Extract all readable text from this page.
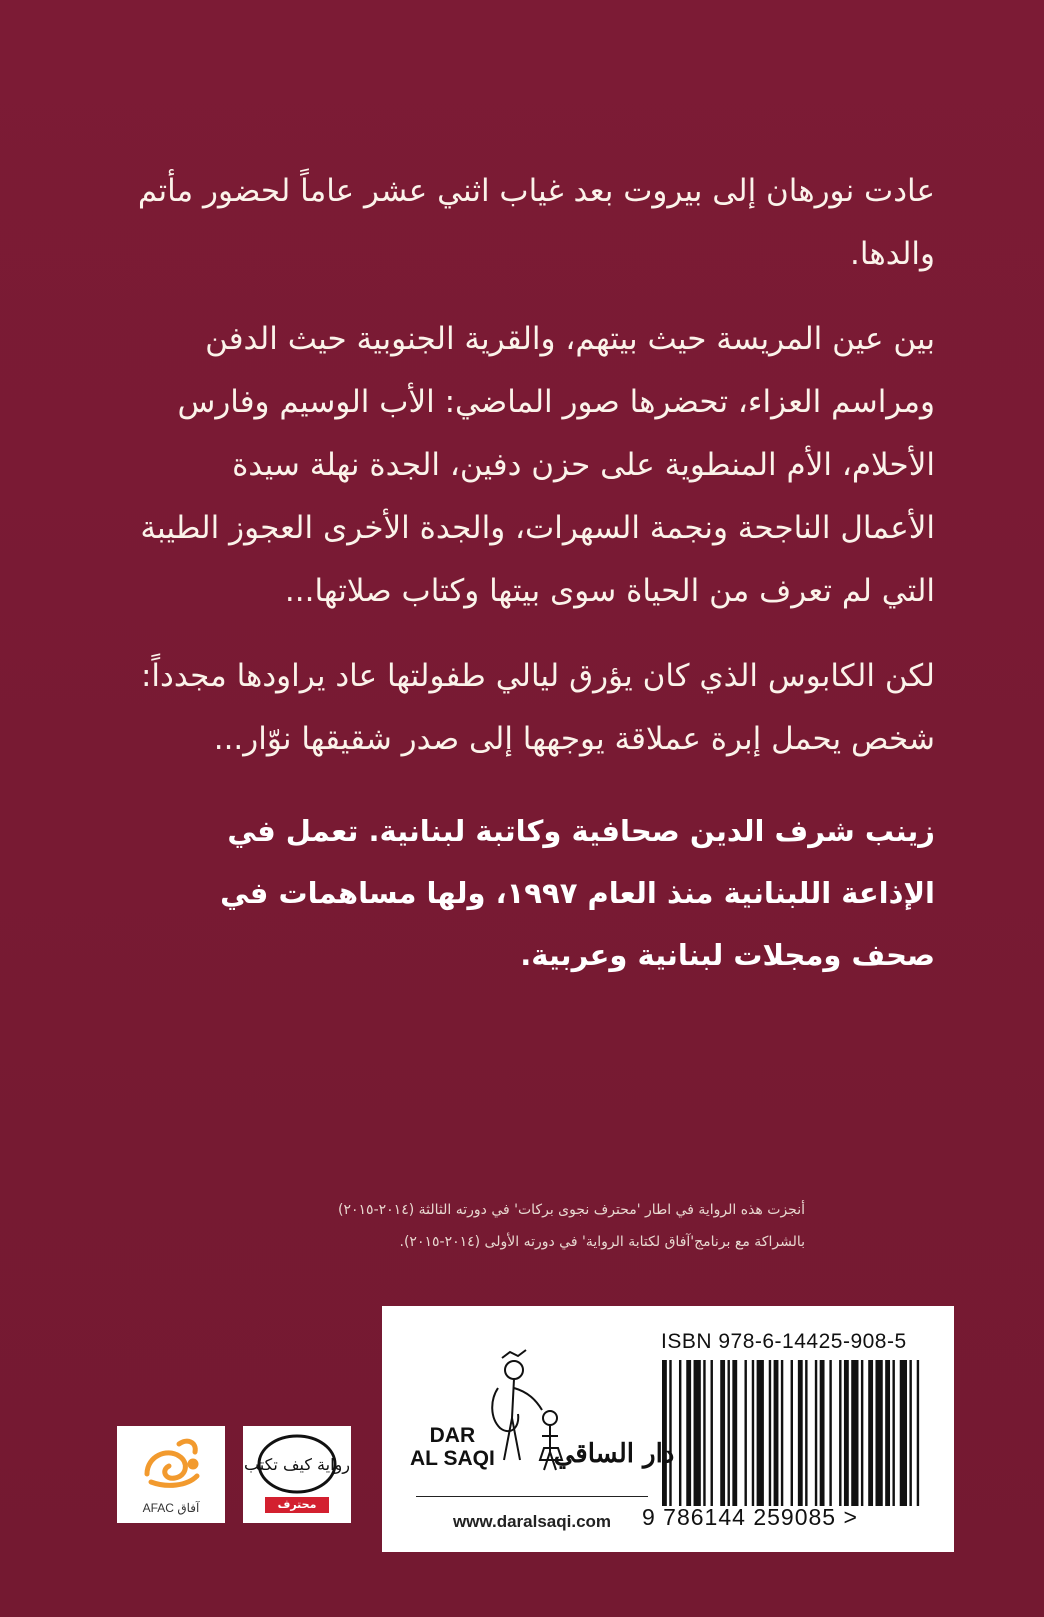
عادت نورهان إلى بيروت بعد غياب اثني عشر عاماً لحضور مأتم والدها.

بين عين المريسة حيث بيتهم، والقرية الجنوبية حيث الدفن ومراسم العزاء، تحضرها صور الماضي: الأب الوسيم وفارس الأحلام، الأم المنطوية على حزن دفين، الجدة نهلة سيدة الأعمال الناجحة ونجمة السهرات، والجدة الأخرى العجوز الطيبة التي لم تعرف من الحياة سوى بيتها وكتاب صلاتها...

لكن الكابوس الذي كان يؤرق ليالي طفولتها عاد يراودها مجدداً: شخص يحمل إبرة عملاقة يوجهها إلى صدر شقيقها نوّار...

زينب شرف الدين صحافية وكاتبة لبنانية. تعمل في الإذاعة اللبنانية منذ العام ١٩٩٧، ولها مساهمات في صحف ومجلات لبنانية وعربية.
أنجزت هذه الرواية في اطار 'محترف نجوى بركات' في دورته الثالثة (٢٠١٤-٢٠١٥)
بالشراكة مع برنامج'آفاق لكتابة الرواية' في دورته الأولى (٢٠١٤-٢٠١٥).
AFAC آفاق
رواية كيف تكتب
محترف
ISBN 978-6-14425-908-5
9 786144 259085 >
DAR
AL SAQI دار الساقي
www.daralsaqi.com
